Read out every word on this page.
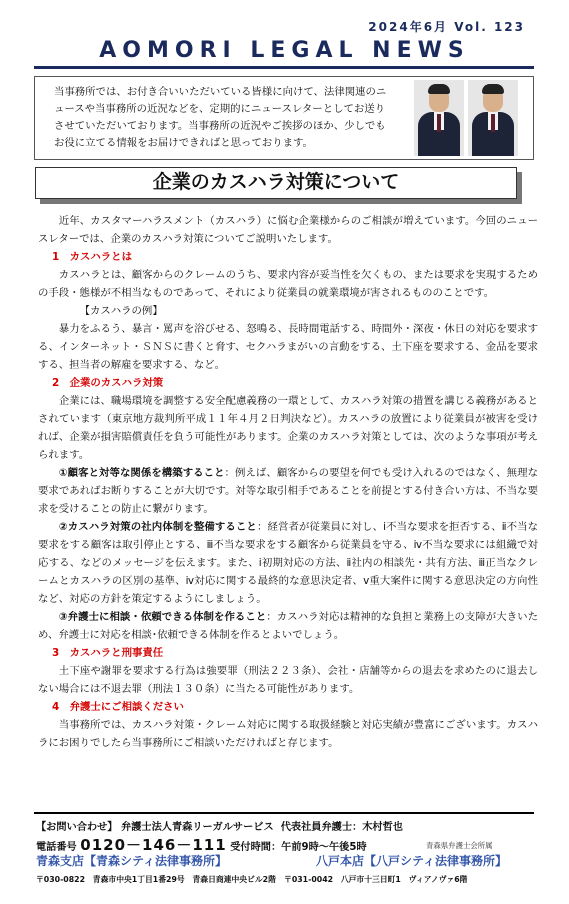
2024年6月 Vol. 123
AOMORI LEGAL NEWS
当事務所では、お付き合いいただいている皆様に向けて、法律関連のニュースや当事務所の近況などを、定期的にニュースレターとしてお送りさせていただいております。当事務所の近況やご挨拶のほか、少しでもお役に立てる情報をお届けできればと思っております。
企業のカスハラ対策について

近年、カスタマーハラスメント（カスハラ）に悩む企業様からのご相談が増えています。今回のニュースレターでは、企業のカスハラ対策についてご説明いたします。

1　カスハラとは

カスハラとは、顧客からのクレームのうち、要求内容が妥当性を欠くもの、または要求を実現するための手段・態様が不相当なものであって、それにより従業員の就業環境が害されるもののことです。

【カスハラの例】

暴力をふるう、暴言・罵声を浴びせる、怒鳴る、長時間電話する、時間外・深夜・休日の対応を要求する、インターネット・ＳＮＳに書くと脅す、セクハラまがいの言動をする、土下座を要求する、金品を要求する、担当者の解雇を要求する、など。

2　企業のカスハラ対策

企業には、職場環境を調整する安全配慮義務の一環として、カスハラ対策の措置を講じる義務があるとされています（東京地方裁判所平成１１年４月２日判決など）。カスハラの放置により従業員が被害を受ければ、企業が損害賠償責任を負う可能性があります。企業のカスハラ対策としては、次のような事項が考えられます。

①顧客と対等な関係を構築すること：例えば、顧客からの要望を何でも受け入れるのではなく、無理な要求であればお断りすることが大切です。対等な取引相手であることを前提とする付き合い方は、不当な要求を受けることの防止に繋がります。

②カスハラ対策の社内体制を整備すること：経営者が従業員に対し、ⅰ不当な要求を拒否する、ⅱ不当な要求をする顧客は取引停止とする、ⅲ不当な要求をする顧客から従業員を守る、ⅳ不当な要求には組織で対応する、などのメッセージを伝えます。また、ⅰ初期対応の方法、ⅱ社内の相談先・共有方法、ⅲ正当なクレームとカスハラの区別の基準、ⅳ対応に関する最終的な意思決定者、ⅴ重大案件に関する意思決定の方向性など、対応の方針を策定するようにしましょう。

③弁護士に相談・依頼できる体制を作ること：カスハラ対応は精神的な負担と業務上の支障が大きいため、弁護士に対応を相談･依頼できる体制を作るとよいでしょう。

3　カスハラと刑事責任

土下座や謝罪を要求する行為は強要罪（刑法２２３条）、会社・店舗等からの退去を求めたのに退去しない場合には不退去罪（刑法１３０条）に当たる可能性があります。

4　弁護士にご相談ください

当事務所では、カスハラ対策・クレーム対応に関する取扱経験と対応実績が豊富にございます。カスハラにお困りでしたら当事務所にご相談いただければと存じます。

【お問い合わせ】 弁護士法人青森リーガルサービス 代表社員弁護士：木村哲也
電話番号 0120－146－111 受付時間：午前9時～午後5時	青森県弁護士会所属
青森支店【青森シティ法律事務所】	八戸本店【八戸シティ法律事務所】
〒030-0822　青森市中央1丁目1番29号　青森日商連中央ビル2階 〒031-0042　八戸市十三日町1　ヴィアノヴァ6階
